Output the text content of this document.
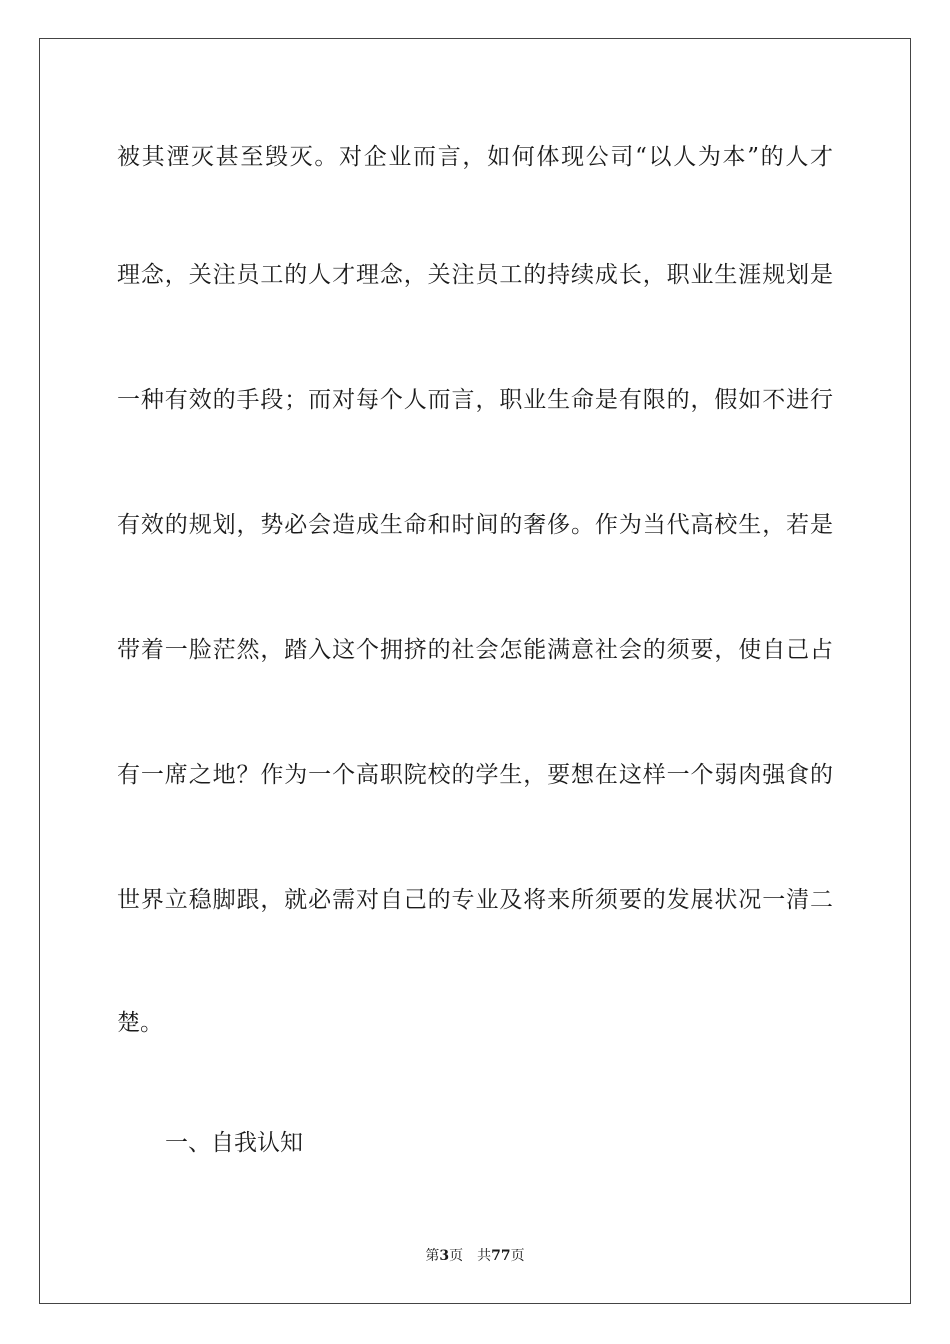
被其湮灭甚至毁灭。对企业而言，如何体现公司“以人为本”的人才
理念，关注员工的人才理念，关注员工的持续成长，职业生涯规划是
一种有效的手段；而对每个人而言，职业生命是有限的，假如不进行
有效的规划，势必会造成生命和时间的奢侈。作为当代高校生，若是
带着一脸茫然，踏入这个拥挤的社会怎能满意社会的须要，使自己占
有一席之地？作为一个高职院校的学生，要想在这样一个弱肉强食的
世界立稳脚跟，就必需对自己的专业及将来所须要的发展状况一清二
楚。
一、自我认知
第3页 共77页
